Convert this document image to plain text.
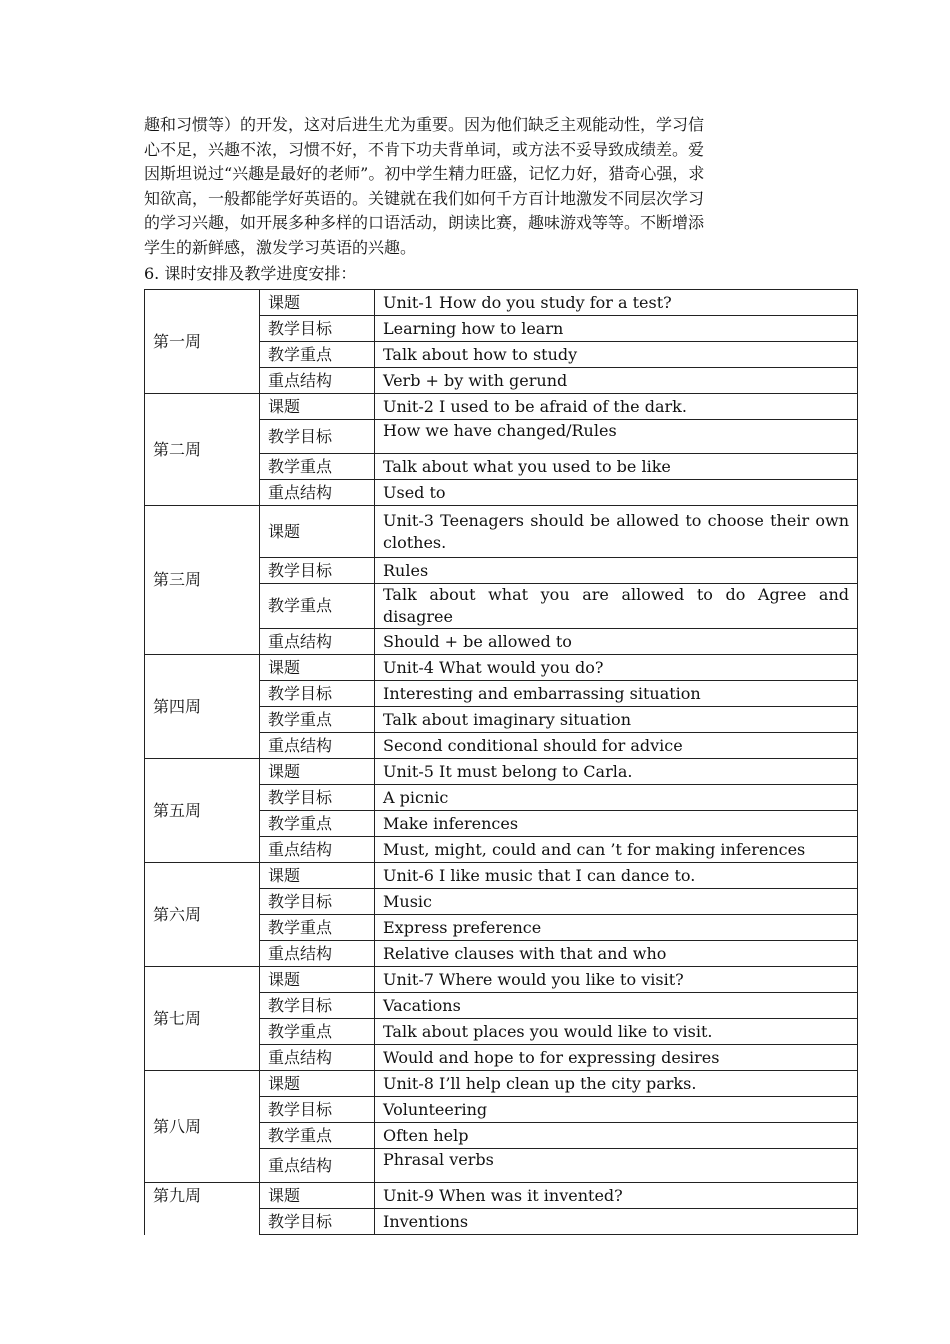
趣和习惯等）的开发，这对后进生尤为重要。因为他们缺乏主观能动性，学习信
心不足，兴趣不浓，习惯不好，不肯下功夫背单词，或方法不妥导致成绩差。爱
因斯坦说过“兴趣是最好的老师”。初中学生精力旺盛，记忆力好，猎奇心强，求
知欲高，一般都能学好英语的。关键就在我们如何千方百计地激发不同层次学习
的学习兴趣，如开展多种多样的口语活动，朗读比赛，趣味游戏等等。不断增添
学生的新鲜感，激发学习英语的兴趣。
6. 课时安排及教学进度安排：
第一周	课题	Unit-1 How do you study for a test?
	教学目标	Learning how to learn
	教学重点	Talk about how to study
	重点结构	Verb + by with gerund
第二周	课题	Unit-2 I used to be afraid of the dark.
	教学目标	How we have changed/Rules
	教学重点	Talk about what you used to be like
	重点结构	Used to
第三周	课题	Unit-3 Teenagers should be allowed to choose their own clothes.
	教学目标	Rules
	教学重点	Talk about what you are allowed to do Agree and disagree
	重点结构	Should + be allowed to
第四周	课题	Unit-4 What would you do?
	教学目标	Interesting and embarrassing situation
	教学重点	Talk about imaginary situation
	重点结构	Second conditional should for advice
第五周	课题	Unit-5 It must belong to Carla.
	教学目标	A picnic
	教学重点	Make inferences
	重点结构	Must, might, could and can ’t for making inferences
第六周	课题	Unit-6 I like music that I can dance to.
	教学目标	Music
	教学重点	Express preference
	重点结构	Relative clauses with that and who
第七周	课题	Unit-7 Where would you like to visit?
	教学目标	Vacations
	教学重点	Talk about places you would like to visit.
	重点结构	Would and hope to for expressing desires
第八周	课题	Unit-8 I’ll help clean up the city parks.
	教学目标	Volunteering
	教学重点	Often help
	重点结构	Phrasal verbs
第九周	课题	Unit-9 When was it invented?
	教学目标	Inventions
